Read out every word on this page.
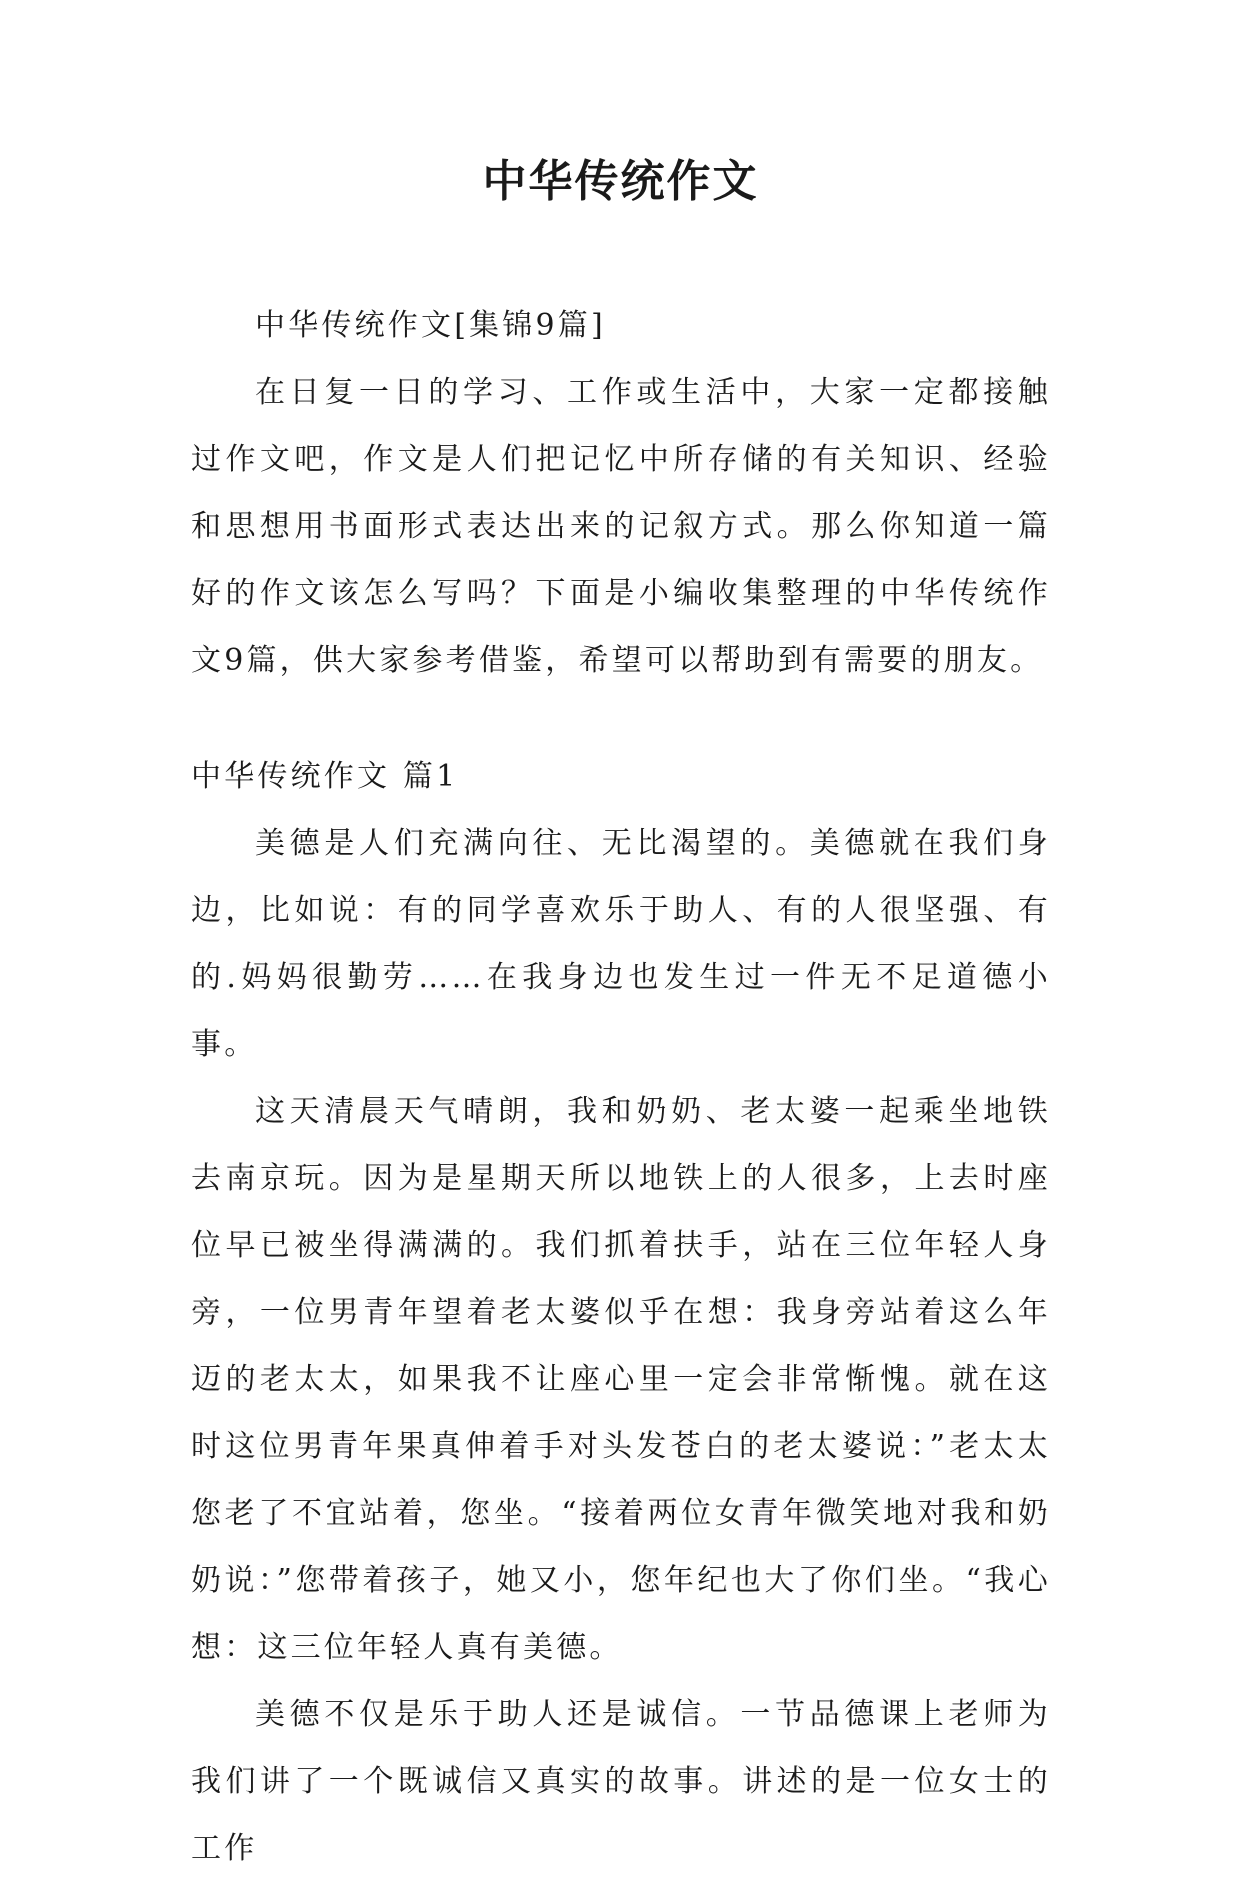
中华传统作文

中华传统作文[集锦9篇]

在日复一日的学习、工作或生活中，大家一定都接触过作文吧，作文是人们把记忆中所存储的有关知识、经验和思想用书面形式表达出来的记叙方式。那么你知道一篇好的作文该怎么写吗？下面是小编收集整理的中华传统作文9篇，供大家参考借鉴，希望可以帮助到有需要的朋友。

中华传统作文 篇1

美德是人们充满向往、无比渴望的。美德就在我们身边，比如说：有的同学喜欢乐于助人、有的人很坚强、有的.妈妈很勤劳……在我身边也发生过一件无不足道德小事。

这天清晨天气晴朗，我和奶奶、老太婆一起乘坐地铁去南京玩。因为是星期天所以地铁上的人很多，上去时座位早已被坐得满满的。我们抓着扶手，站在三位年轻人身旁，一位男青年望着老太婆似乎在想：我身旁站着这么年迈的老太太，如果我不让座心里一定会非常惭愧。就在这时这位男青年果真伸着手对头发苍白的老太婆说：”老太太您老了不宜站着，您坐。“接着两位女青年微笑地对我和奶奶说：”您带着孩子，她又小，您年纪也大了你们坐。“我心想：这三位年轻人真有美德。

美德不仅是乐于助人还是诚信。一节品德课上老师为我们讲了一个既诚信又真实的故事。讲述的是一位女士的工作
